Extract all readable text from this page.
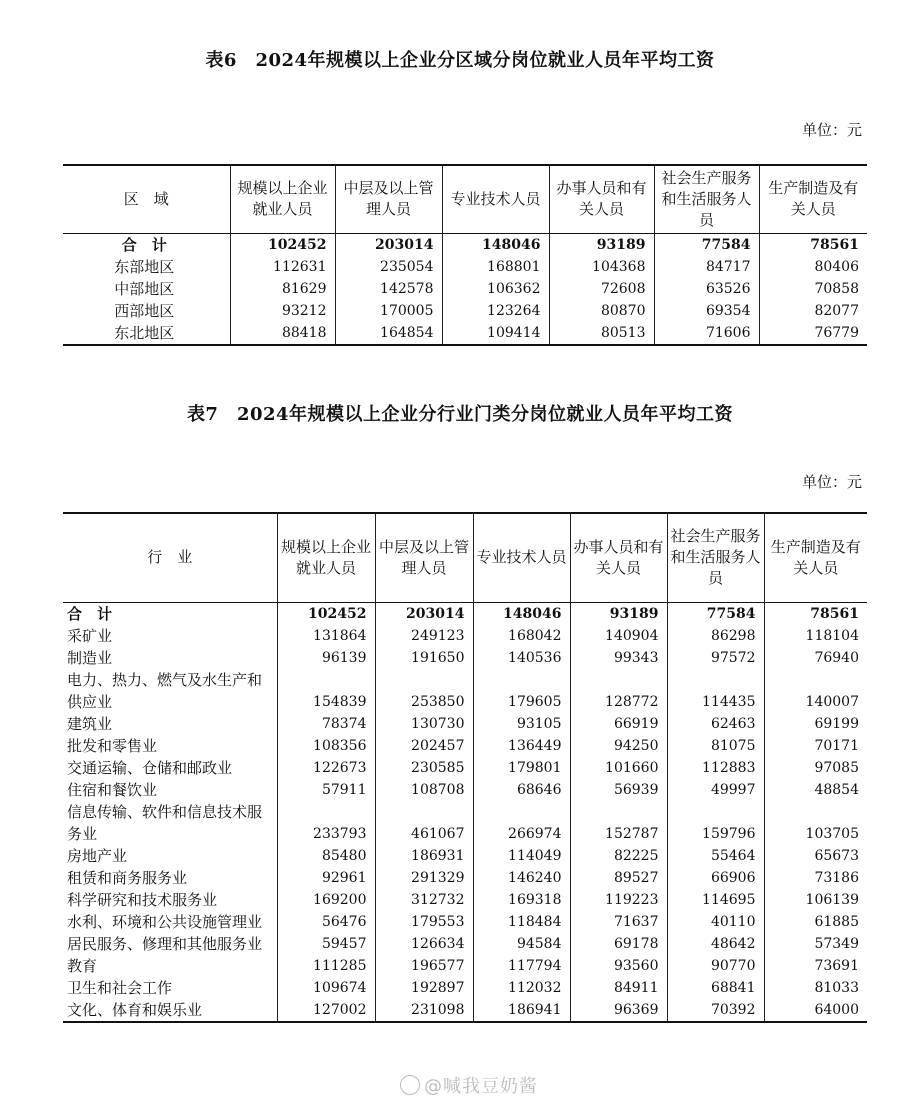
表6　2024年规模以上企业分区域分岗位就业人员年平均工资
单位：元
区　域	规模以上企业就业人员	中层及以上管理人员	专业技术人员	办事人员和有关人员	社会生产服务和生活服务人员	生产制造及有关人员
合　计	102452	203014	148046	93189	77584	78561
东部地区	112631	235054	168801	104368	84717	80406
中部地区	81629	142578	106362	72608	63526	70858
西部地区	93212	170005	123264	80870	69354	82077
东北地区	88418	164854	109414	80513	71606	76779
表7　2024年规模以上企业分行业门类分岗位就业人员年平均工资
单位：元
行　业	规模以上企业就业人员	中层及以上管理人员	专业技术人员	办事人员和有关人员	社会生产服务和生活服务人员	生产制造及有关人员
合　计	102452	203014	148046	93189	77584	78561
采矿业	131864	249123	168042	140904	86298	118104
制造业	96139	191650	140536	99343	97572	76940
电力、热力、燃气及水生产和供应业	154839	253850	179605	128772	114435	140007
建筑业	78374	130730	93105	66919	62463	69199
批发和零售业	108356	202457	136449	94250	81075	70171
交通运输、仓储和邮政业	122673	230585	179801	101660	112883	97085
住宿和餐饮业	57911	108708	68646	56939	49997	48854
信息传输、软件和信息技术服务业	233793	461067	266974	152787	159796	103705
房地产业	85480	186931	114049	82225	55464	65673
租赁和商务服务业	92961	291329	146240	89527	66906	73186
科学研究和技术服务业	169200	312732	169318	119223	114695	106139
水利、环境和公共设施管理业	56476	179553	118484	71637	40110	61885
居民服务、修理和其他服务业	59457	126634	94584	69178	48642	57349
教育	111285	196577	117794	93560	90770	73691
卫生和社会工作	109674	192897	112032	84911	68841	81033
文化、体育和娱乐业	127002	231098	186941	96369	70392	64000
@喊我豆奶酱
